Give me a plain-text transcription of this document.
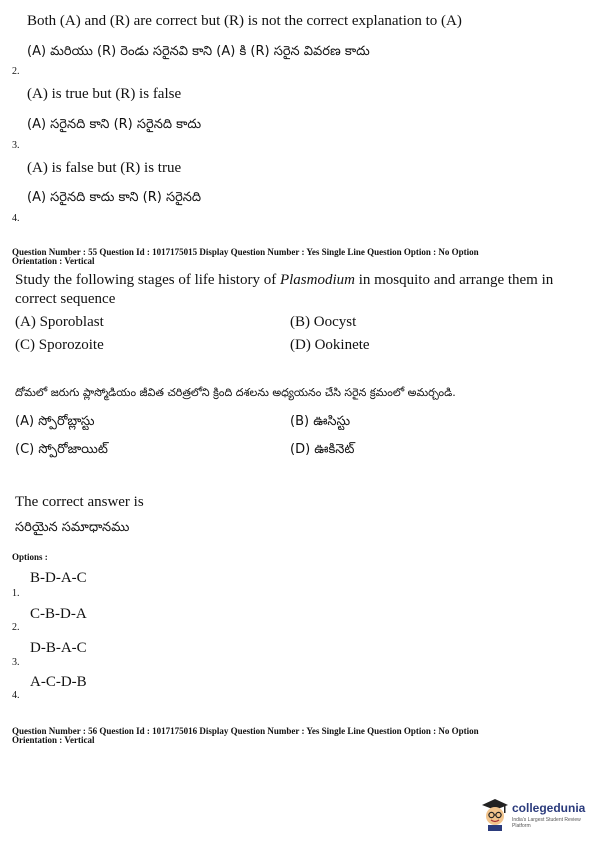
Both (A) and (R) are correct but (R) is not the correct explanation to (A)

(A) మరియు (R) రెండు సరైనవి కాని (A) కి (R) సరైన వివరణ కాదు

2.

(A) is true but (R) is false

(A) సరైనది కాని (R) సరైనది కాదు

3.

(A) is false but (R) is true

(A) సరైనది కాదు కాని (R) సరైనది

4.

Question Number : 55 Question Id : 1017175015 Display Question Number : Yes Single Line Question Option : No Option

Orientation : Vertical

Study the following stages of life history of Plasmodium in mosquito and arrange them in

correct sequence

(A) Sporoblast	(B) Oocyst

(C) Sporozoite	(D) Ookinete

దోమలో జరుగు ప్లాస్మోడియం జీవిత చరిత్రలోని క్రింది దశలను అధ్యయనం చేసి సరైన క్రమంలో అమర్చండి.

(A) స్పోరోబ్లాస్టు	(B) ఊసిస్టు

(C) స్పోరోజాయిట్	(D) ఊకినెట్

The correct answer is

సరియైన సమాధానము

Options :

B-D-A-C

1.

C-B-D-A

2.

D-B-A-C

3.

A-C-D-B

4.

Question Number : 56 Question Id : 1017175016 Display Question Number : Yes Single Line Question Option : No Option

Orientation : Vertical

collegedunia
India's Largest Student Review Platform
